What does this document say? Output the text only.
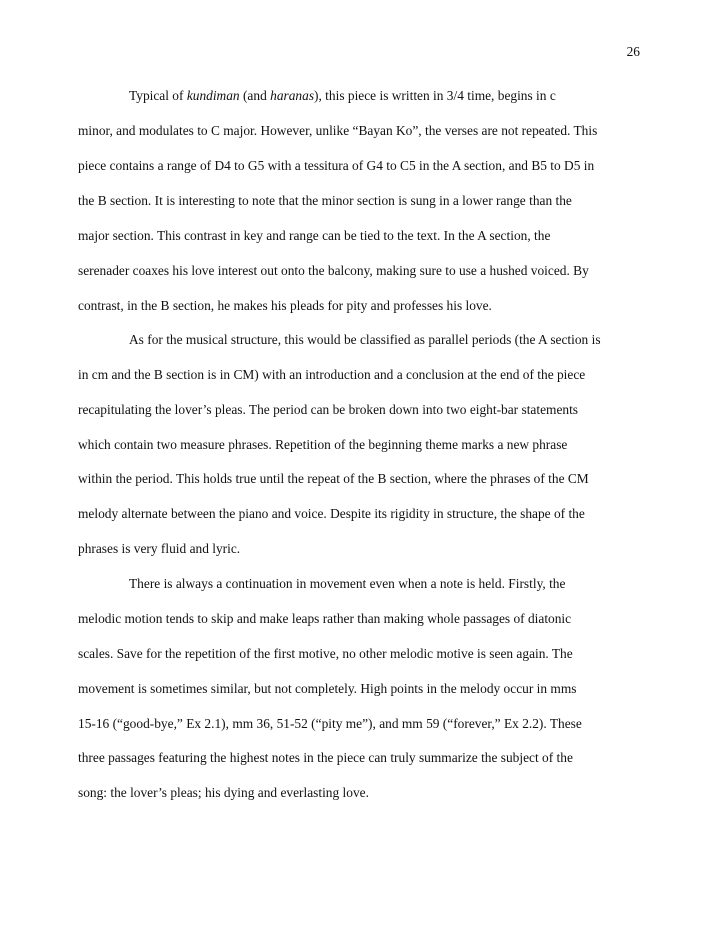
26
Typical of kundiman (and haranas), this piece is written in 3/4 time, begins in c
minor, and modulates to C major. However, unlike “Bayan Ko”, the verses are not repeated. This
piece contains a range of D4 to G5 with a tessitura of G4 to C5 in the A section, and B5 to D5 in
the B section. It is interesting to note that the minor section is sung in a lower range than the
major section. This contrast in key and range can be tied to the text. In the A section, the
serenader coaxes his love interest out onto the balcony, making sure to use a hushed voiced. By
contrast, in the B section, he makes his pleads for pity and professes his love.
As for the musical structure, this would be classified as parallel periods (the A section is
in cm and the B section is in CM) with an introduction and a conclusion at the end of the piece
recapitulating the lover’s pleas. The period can be broken down into two eight-bar statements
which contain two measure phrases. Repetition of the beginning theme marks a new phrase
within the period. This holds true until the repeat of the B section, where the phrases of the CM
melody alternate between the piano and voice. Despite its rigidity in structure, the shape of the
phrases is very fluid and lyric.
There is always a continuation in movement even when a note is held. Firstly, the
melodic motion tends to skip and make leaps rather than making whole passages of diatonic
scales. Save for the repetition of the first motive, no other melodic motive is seen again. The
movement is sometimes similar, but not completely. High points in the melody occur in mms
15-16 (“good-bye,” Ex 2.1), mm 36, 51-52 (“pity me”), and mm 59 (“forever,” Ex 2.2). These
three passages featuring the highest notes in the piece can truly summarize the subject of the
song: the lover’s pleas; his dying and everlasting love.
